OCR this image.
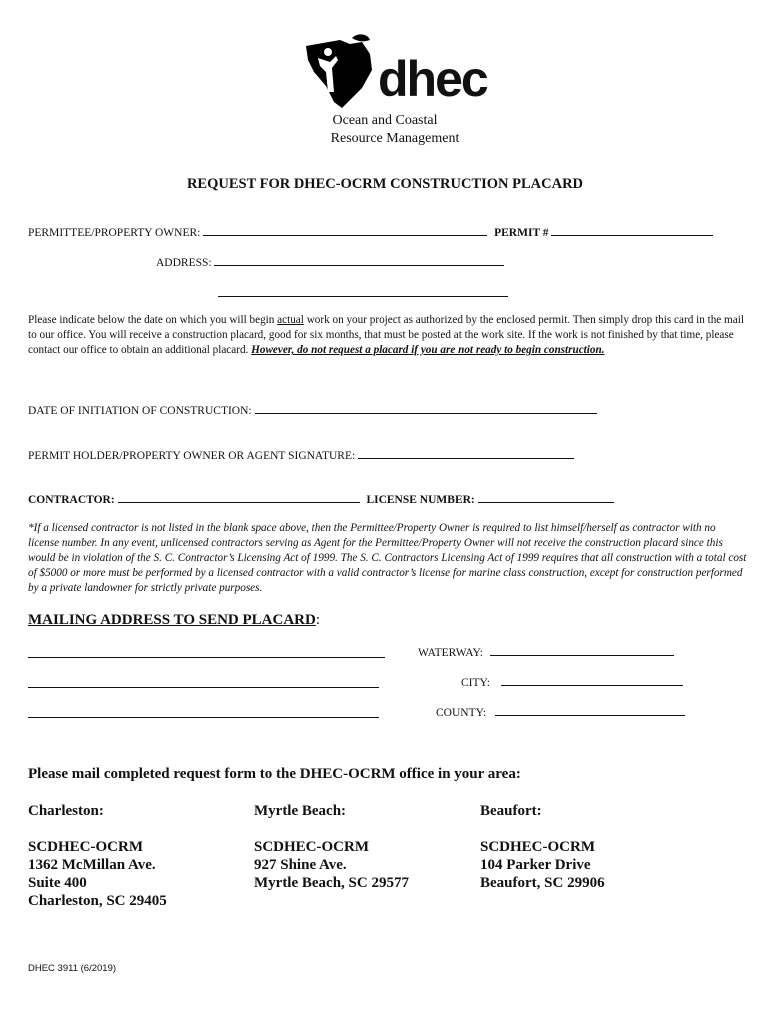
dhec
Ocean and Coastal
Resource Management
REQUEST FOR DHEC-OCRM CONSTRUCTION PLACARD
PERMITTEE/PROPERTY OWNER:	PERMIT #
ADDRESS:
Please indicate below the date on which you will begin actual work on your project as authorized by the enclosed permit. Then simply drop this card in the mail to our office. You will receive a construction placard, good for six months, that must be posted at the work site. If the work is not finished by that time, please contact our office to obtain an additional placard. However, do not request a placard if you are not ready to begin construction.
DATE OF INITIATION OF CONSTRUCTION:
PERMIT HOLDER/PROPERTY OWNER OR AGENT SIGNATURE:
CONTRACTOR:	LICENSE NUMBER:
*If a licensed contractor is not listed in the blank space above, then the Permittee/Property Owner is required to list himself/herself as contractor with no license number. In any event, unlicensed contractors serving as Agent for the Permittee/Property Owner will not receive the construction placard since this would be in violation of the S. C. Contractor’s Licensing Act of 1999. The S. C. Contractors Licensing Act of 1999 requires that all construction with a total cost of $5000 or more must be performed by a licensed contractor with a valid contractor’s license for marine class construction, except for construction performed by a private landowner for strictly private purposes.
MAILING ADDRESS TO SEND PLACARD:
WATERWAY:
CITY:
COUNTY:
Please mail completed request form to the DHEC-OCRM office in your area:
Charleston:
SCDHEC-OCRM
1362 McMillan Ave.
Suite 400
Charleston, SC 29405
Myrtle Beach:
SCDHEC-OCRM
927 Shine Ave.
Myrtle Beach, SC 29577
Beaufort:
SCDHEC-OCRM
104 Parker Drive
Beaufort, SC 29906
DHEC 3911 (6/2019)
